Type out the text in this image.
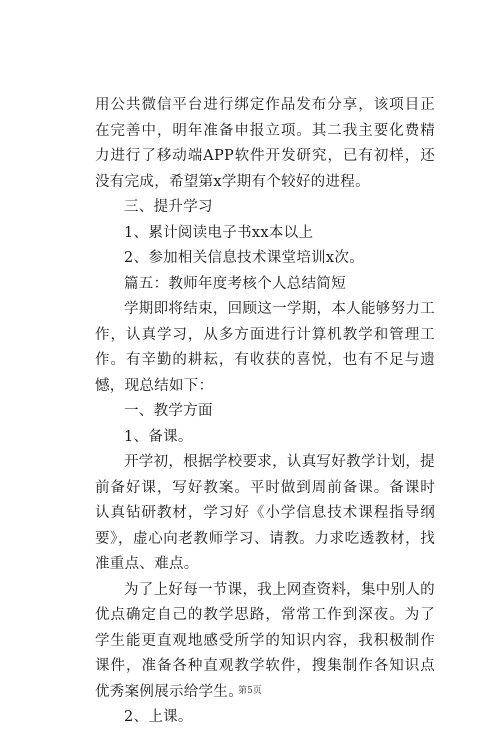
用公共微信平台进行绑定作品发布分享，该项目正在完善中，明年准备申报立项。其二我主要化费精力进行了移动端APP软件开发研究，已有初样，还没有完成，希望第x学期有个较好的进程。

三、提升学习

1、累计阅读电子书xx本以上

2、参加相关信息技术课堂培训x次。

篇五：教师年度考核个人总结简短

学期即将结束，回顾这一学期，本人能够努力工作，认真学习，从多方面进行计算机教学和管理工作。有辛勤的耕耘，有收获的喜悦，也有不足与遗憾，现总结如下：

一、教学方面

1、备课。

开学初，根据学校要求，认真写好教学计划，提前备好课，写好教案。平时做到周前备课。备课时认真钻研教材，学习好《小学信息技术课程指导纲要》，虚心向老教师学习、请教。力求吃透教材，找准重点、难点。

为了上好每一节课，我上网查资料，集中别人的优点确定自己的教学思路，常常工作到深夜。为了学生能更直观地感受所学的知识内容，我积极制作课件，准备各种直观教学软件，搜集制作各知识点优秀案例展示给学生。

2、上课。

第5页
